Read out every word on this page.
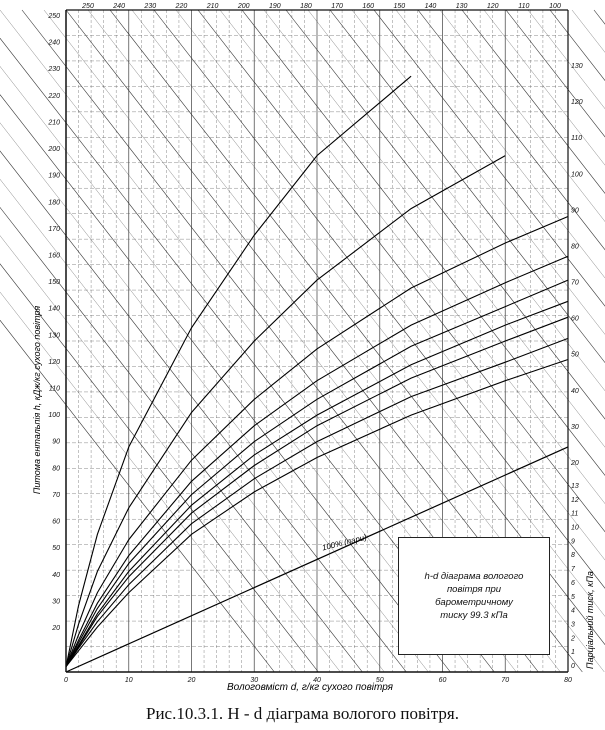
20
30
40
50
60
70
80
90
100
110
120
130
140
150
160
170
180
190
200
210
220
230
240
250
250	240	230	220	210	200	190	180	170	160	150	140	130	120	110	100
130
120
110
100
90
80
70
60
50
40
30
20
13
12
11
10
9
8
7
6
5
4
3
2
1
0
0	10	20	30	40	50	60	70	80
Питома ентальпія h, кДж/кг сухого повітря
Вологовміст d, г/кг сухого повітря
Парціальний тиск, кПа
100% (пари)
h-d діаграма вологого
повітря при
барометричному
тиску 99.3 кПа
Рис.10.3.1. H - d діаграма вологого повітря.
